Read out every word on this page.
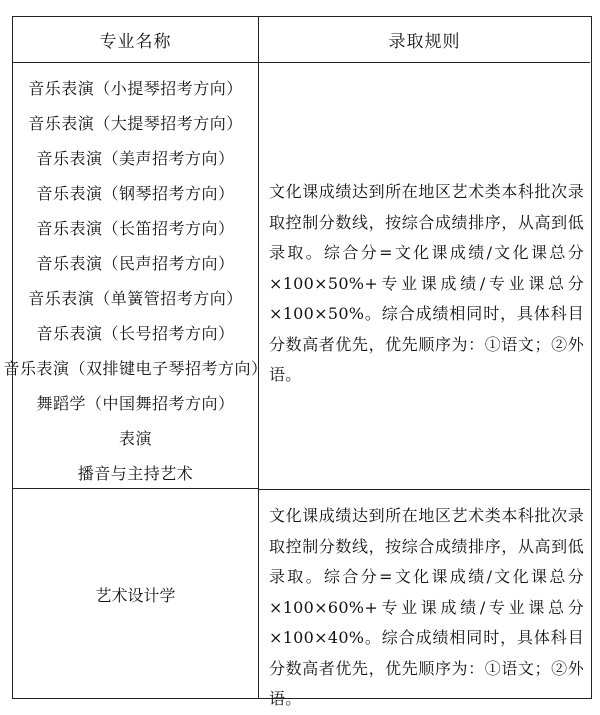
专业名称
音乐表演（小提琴招考方向）
音乐表演（大提琴招考方向）
音乐表演（美声招考方向）
音乐表演（钢琴招考方向）
音乐表演（长笛招考方向）
音乐表演（民声招考方向）
音乐表演（单簧管招考方向）
音乐表演（长号招考方向）
音乐表演（双排键电子琴招考方向）
舞蹈学（中国舞招考方向）
表演
播音与主持艺术
艺术设计学
录取规则
文化课成绩达到所在地区艺术类本科批次录取控制分数线，按综合成绩排序，从高到低录取。综合分=文化课成绩/文化课总分×100×50%+专业课成绩/专业课总分×100×50%。综合成绩相同时，具体科目分数高者优先，优先顺序为：①语文；②外语。
文化课成绩达到所在地区艺术类本科批次录取控制分数线，按综合成绩排序，从高到低录取。综合分=文化课成绩/文化课总分×100×60%+专业课成绩/专业课总分×100×40%。综合成绩相同时，具体科目分数高者优先，优先顺序为：①语文；②外语。
